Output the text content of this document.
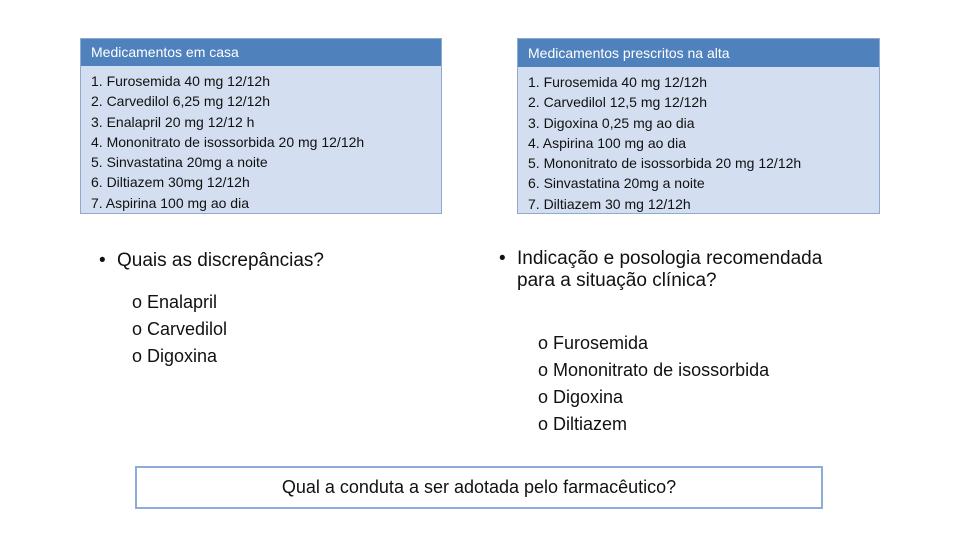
Medicamentos em casa
1. Furosemida 40 mg 12/12h
2. Carvedilol 6,25 mg 12/12h
3. Enalapril 20 mg 12/12 h
4. Mononitrato de isossorbida 20 mg 12/12h
5. Sinvastatina 20mg a noite
6. Diltiazem 30mg 12/12h
7. Aspirina 100 mg ao dia
Medicamentos prescritos na alta
1. Furosemida 40 mg 12/12h
2. Carvedilol 12,5 mg 12/12h
3. Digoxina 0,25 mg ao dia
4. Aspirina 100 mg ao dia
5. Mononitrato de isossorbida 20 mg 12/12h
6. Sinvastatina 20mg a noite
7. Diltiazem 30 mg 12/12h
• Quais as discrepâncias?
o Enalapril
o Carvedilol
o Digoxina
• Indicação e posologia recomendada para a situação clínica?
o Furosemida
o Mononitrato de isossorbida
o Digoxina
o Diltiazem
Qual a conduta a ser adotada pelo farmacêutico?
